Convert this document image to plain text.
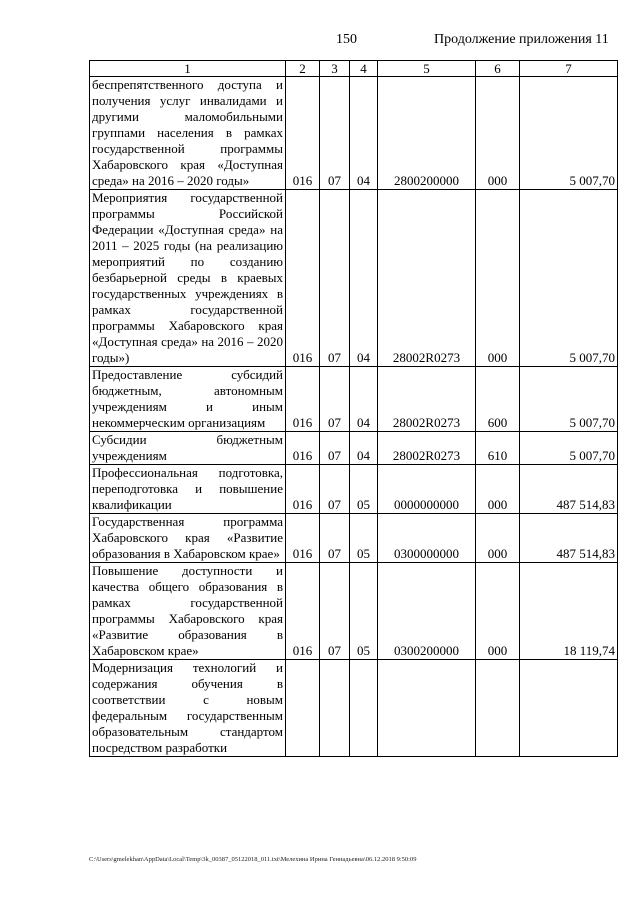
150	Продолжение приложения 11
1	2	3	4	5	6	7
беспрепятственного доступа и получения услуг инвалидами и другими маломобильными группами населения в рамках государственной программы Хабаровского края «Доступная среда» на 2016 – 2020 годы»	016	07	04	2800200000	000	5 007,70
Мероприятия государственной программы Российской Федерации «Доступная среда» на 2011 – 2025 годы (на реализацию мероприятий по созданию безбарьерной среды в краевых государственных учреждениях в рамках государственной программы Хабаровского края «Доступная среда» на 2016 – 2020 годы»)	016	07	04	28002R0273	000	5 007,70
Предоставление субсидий бюджетным, автономным учреждениям и иным некоммерческим организациям	016	07	04	28002R0273	600	5 007,70
Субсидии бюджетным учреждениям	016	07	04	28002R0273	610	5 007,70
Профессиональная подготовка, переподготовка и повышение квалификации	016	07	05	0000000000	000	487 514,83
Государственная программа Хабаровского края «Развитие образования в Хабаровском крае»	016	07	05	0300000000	000	487 514,83
Повышение доступности и качества общего образования в рамках государственной программы Хабаровского края «Развитие образования в Хабаровском крае»	016	07	05	0300200000	000	18 119,74
Модернизация технологий и содержания обучения в соответствии с новым федеральным государственным образовательным стандартом посредством разработки						
C:\Users\gmelekhan\AppData\Local\Temp\3k_00387_05122018_011.txt\Мелехина Ирина Геннадьевна\06.12.2018 9:50:09
